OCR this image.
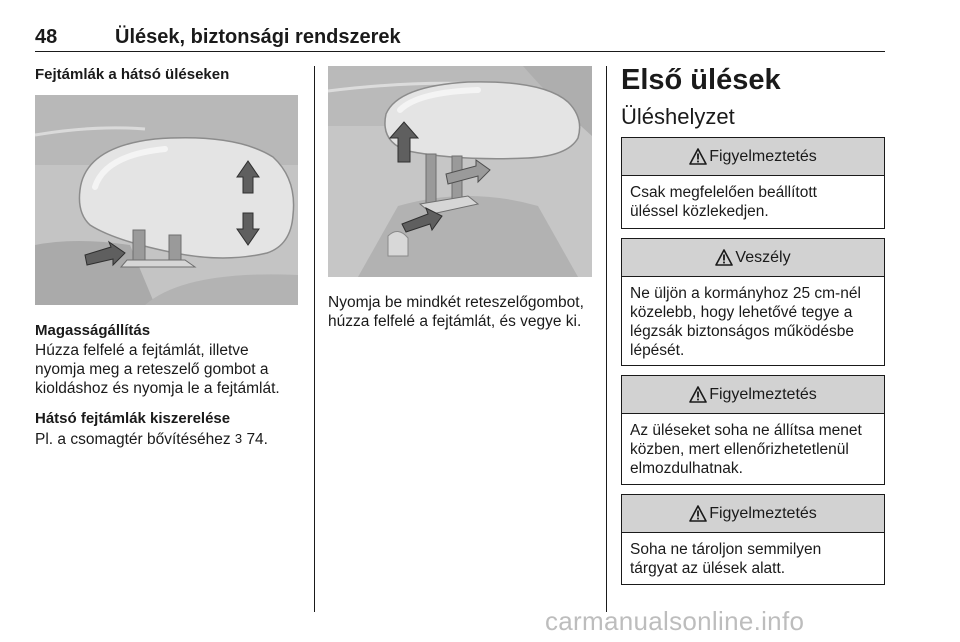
48	Ülések, biztonsági rendszerek
Fejtámlák a hátsó üléseken
Magasságállítás
Húzza felfelé a fejtámlát, illetve
nyomja meg a reteszelő gombot a
kioldáshoz és nyomja le a fejtámlát.
Hátsó fejtámlák kiszerelése
Pl. a csomagtér bővítéséhez 3 74.
Nyomja be mindkét reteszelőgombot,
húzza felfelé a fejtámlát, és vegye ki.
Első ülések
Üléshelyzet
Figyelmeztetés
Csak megfelelően beállított
üléssel közlekedjen.
Veszély
Ne üljön a kormányhoz 25 cm-nél
közelebb, hogy lehetővé tegye a
légzsák biztonságos működésbe
lépését.
Figyelmeztetés
Az üléseket soha ne állítsa menet
közben, mert ellenőrizhetetlenül
elmozdulhatnak.
Figyelmeztetés
Soha ne tároljon semmilyen
tárgyat az ülések alatt.
carmanualsonline.info
